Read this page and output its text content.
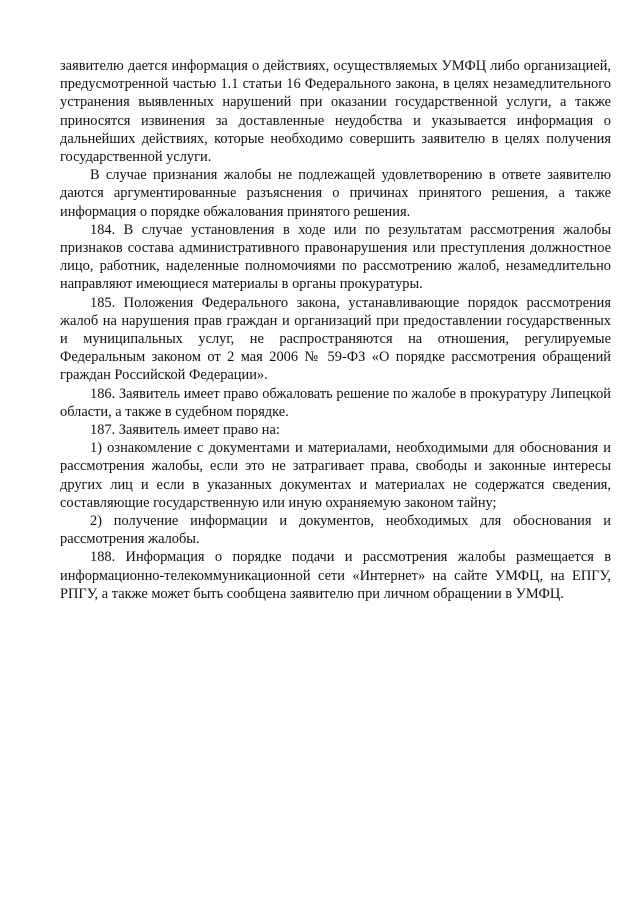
заявителю дается информация о действиях, осуществляемых УМФЦ либо организацией, предусмотренной частью 1.1 статьи 16 Федерального закона, в целях незамедлительного устранения выявленных нарушений при оказании государственной услуги, а также приносятся извинения за доставленные неудобства и указывается информация о дальнейших действиях, которые необходимо совершить заявителю в целях получения государственной услуги.

В случае признания жалобы не подлежащей удовлетворению в ответе заявителю даются аргументированные разъяснения о причинах принятого решения, а также информация о порядке обжалования принятого решения.

184. В случае установления в ходе или по результатам рассмотрения жалобы признаков состава административного правонарушения или преступления должностное лицо, работник, наделенные полномочиями по рассмотрению жалоб, незамедлительно направляют имеющиеся материалы в органы прокуратуры.

185. Положения Федерального закона, устанавливающие порядок рассмотрения жалоб на нарушения прав граждан и организаций при предоставлении государственных и муниципальных услуг, не распространяются на отношения, регулируемые Федеральным законом от 2 мая 2006 № 59-ФЗ «О порядке рассмотрения обращений граждан Российской Федерации».

186. Заявитель имеет право обжаловать решение по жалобе в прокуратуру Липецкой области, а также в судебном порядке.

187. Заявитель имеет право на:

1) ознакомление с документами и материалами, необходимыми для обоснования и рассмотрения жалобы, если это не затрагивает права, свободы и законные интересы других лиц и если в указанных документах и материалах не содержатся сведения, составляющие государственную или иную охраняемую законом тайну;

2) получение информации и документов, необходимых для обоснования и рассмотрения жалобы.

188. Информация о порядке подачи и рассмотрения жалобы размещается в информационно-телекоммуникационной сети «Интернет» на сайте УМФЦ, на ЕПГУ, РПГУ, а также может быть сообщена заявителю при личном обращении в УМФЦ.
